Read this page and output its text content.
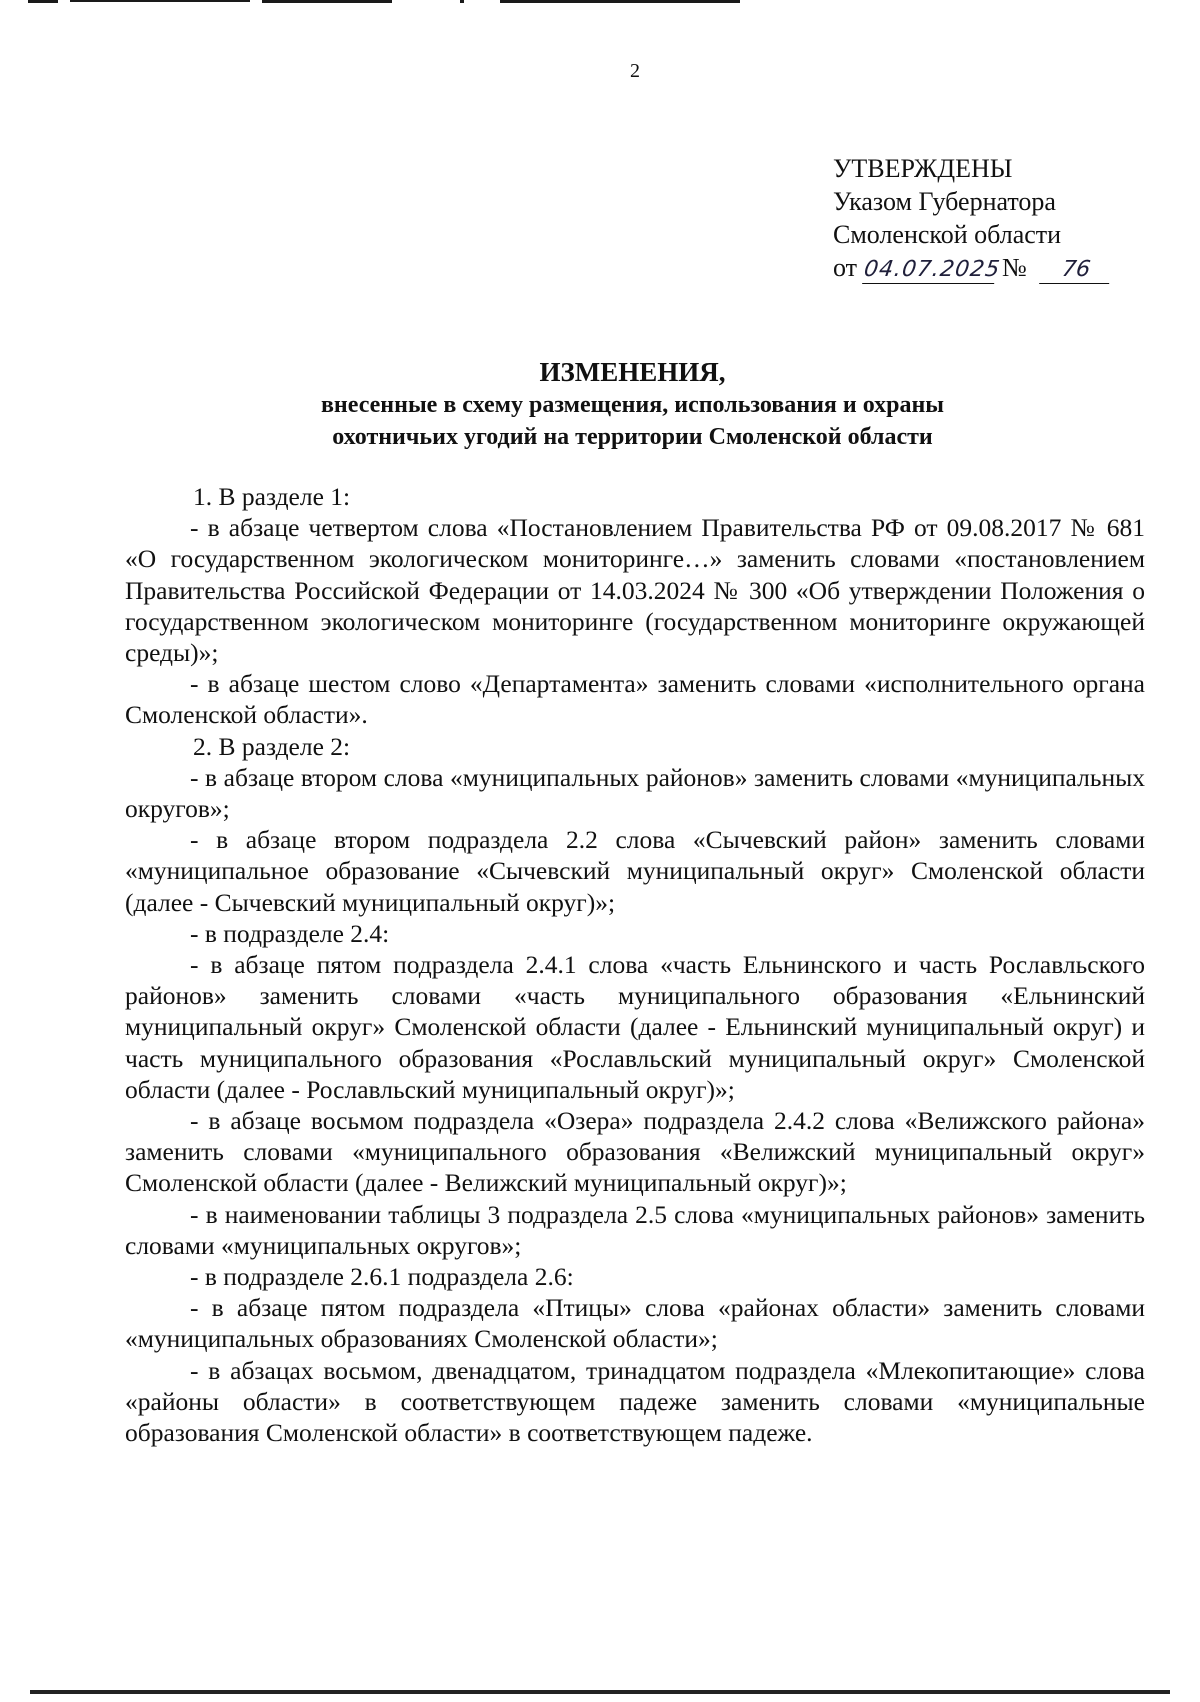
2
УТВЕРЖДЕНЫ
Указом Губернатора
Смоленской области
от 04.07.2025 № 76
ИЗМЕНЕНИЯ,
внесенные в схему размещения, использования и охраны
охотничьих угодий на территории Смоленской области

1. В разделе 1:

- в абзаце четвертом слова «Постановлением Правительства РФ от 09.08.2017 № 681 «О государственном экологическом мониторинге…» заменить словами «постановлением Правительства Российской Федерации от 14.03.2024 № 300 «Об утверждении Положения о государственном экологическом мониторинге (государственном мониторинге окружающей среды)»;

- в абзаце шестом слово «Департамента» заменить словами «исполнительного органа Смоленской области».

2. В разделе 2:

- в абзаце втором слова «муниципальных районов» заменить словами «муниципальных округов»;

- в абзаце втором подраздела 2.2 слова «Сычевский район» заменить словами «муниципальное образование «Сычевский муниципальный округ» Смоленской области (далее - Сычевский муниципальный округ)»;

- в подразделе 2.4:

- в абзаце пятом подраздела 2.4.1 слова «часть Ельнинского и часть Рославльского районов» заменить словами «часть муниципального образования «Ельнинский муниципальный округ» Смоленской области (далее - Ельнинский муниципальный округ) и часть муниципального образования «Рославльский муниципальный округ» Смоленской области (далее - Рославльский муниципальный округ)»;

- в абзаце восьмом подраздела «Озера» подраздела 2.4.2 слова «Велижского района» заменить словами «муниципального образования «Велижский муниципальный округ» Смоленской области (далее - Велижский муниципальный округ)»;

- в наименовании таблицы 3 подраздела 2.5 слова «муниципальных районов» заменить словами «муниципальных округов»;

- в подразделе 2.6.1 подраздела 2.6:

- в абзаце пятом подраздела «Птицы» слова «районах области» заменить словами «муниципальных образованиях Смоленской области»;

- в абзацах восьмом, двенадцатом, тринадцатом подраздела «Млекопитающие» слова «районы области» в соответствующем падеже заменить словами «муниципальные образования Смоленской области» в соответствующем падеже.
